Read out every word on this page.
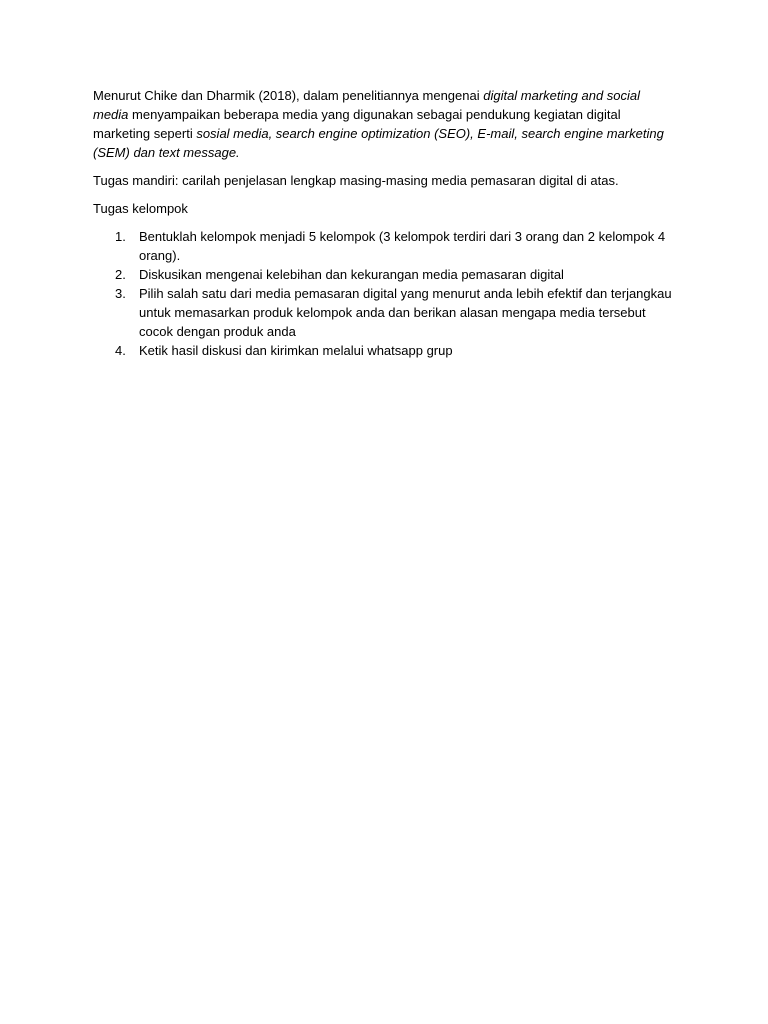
Menurut Chike dan Dharmik (2018), dalam penelitiannya mengenai digital marketing and social media menyampaikan beberapa media yang digunakan sebagai pendukung kegiatan digital marketing seperti sosial media, search engine optimization (SEO), E-mail, search engine marketing (SEM) dan text message.

Tugas mandiri: carilah penjelasan lengkap masing-masing media pemasaran digital di atas.

Tugas kelompok

1. Bentuklah kelompok menjadi 5 kelompok (3 kelompok terdiri dari 3 orang dan 2 kelompok 4 orang).
2. Diskusikan mengenai kelebihan dan kekurangan media pemasaran digital
3. Pilih salah satu dari media pemasaran digital yang menurut anda lebih efektif dan terjangkau untuk memasarkan produk kelompok anda dan berikan alasan mengapa media tersebut cocok dengan produk anda
4. Ketik hasil diskusi dan kirimkan melalui whatsapp grup
